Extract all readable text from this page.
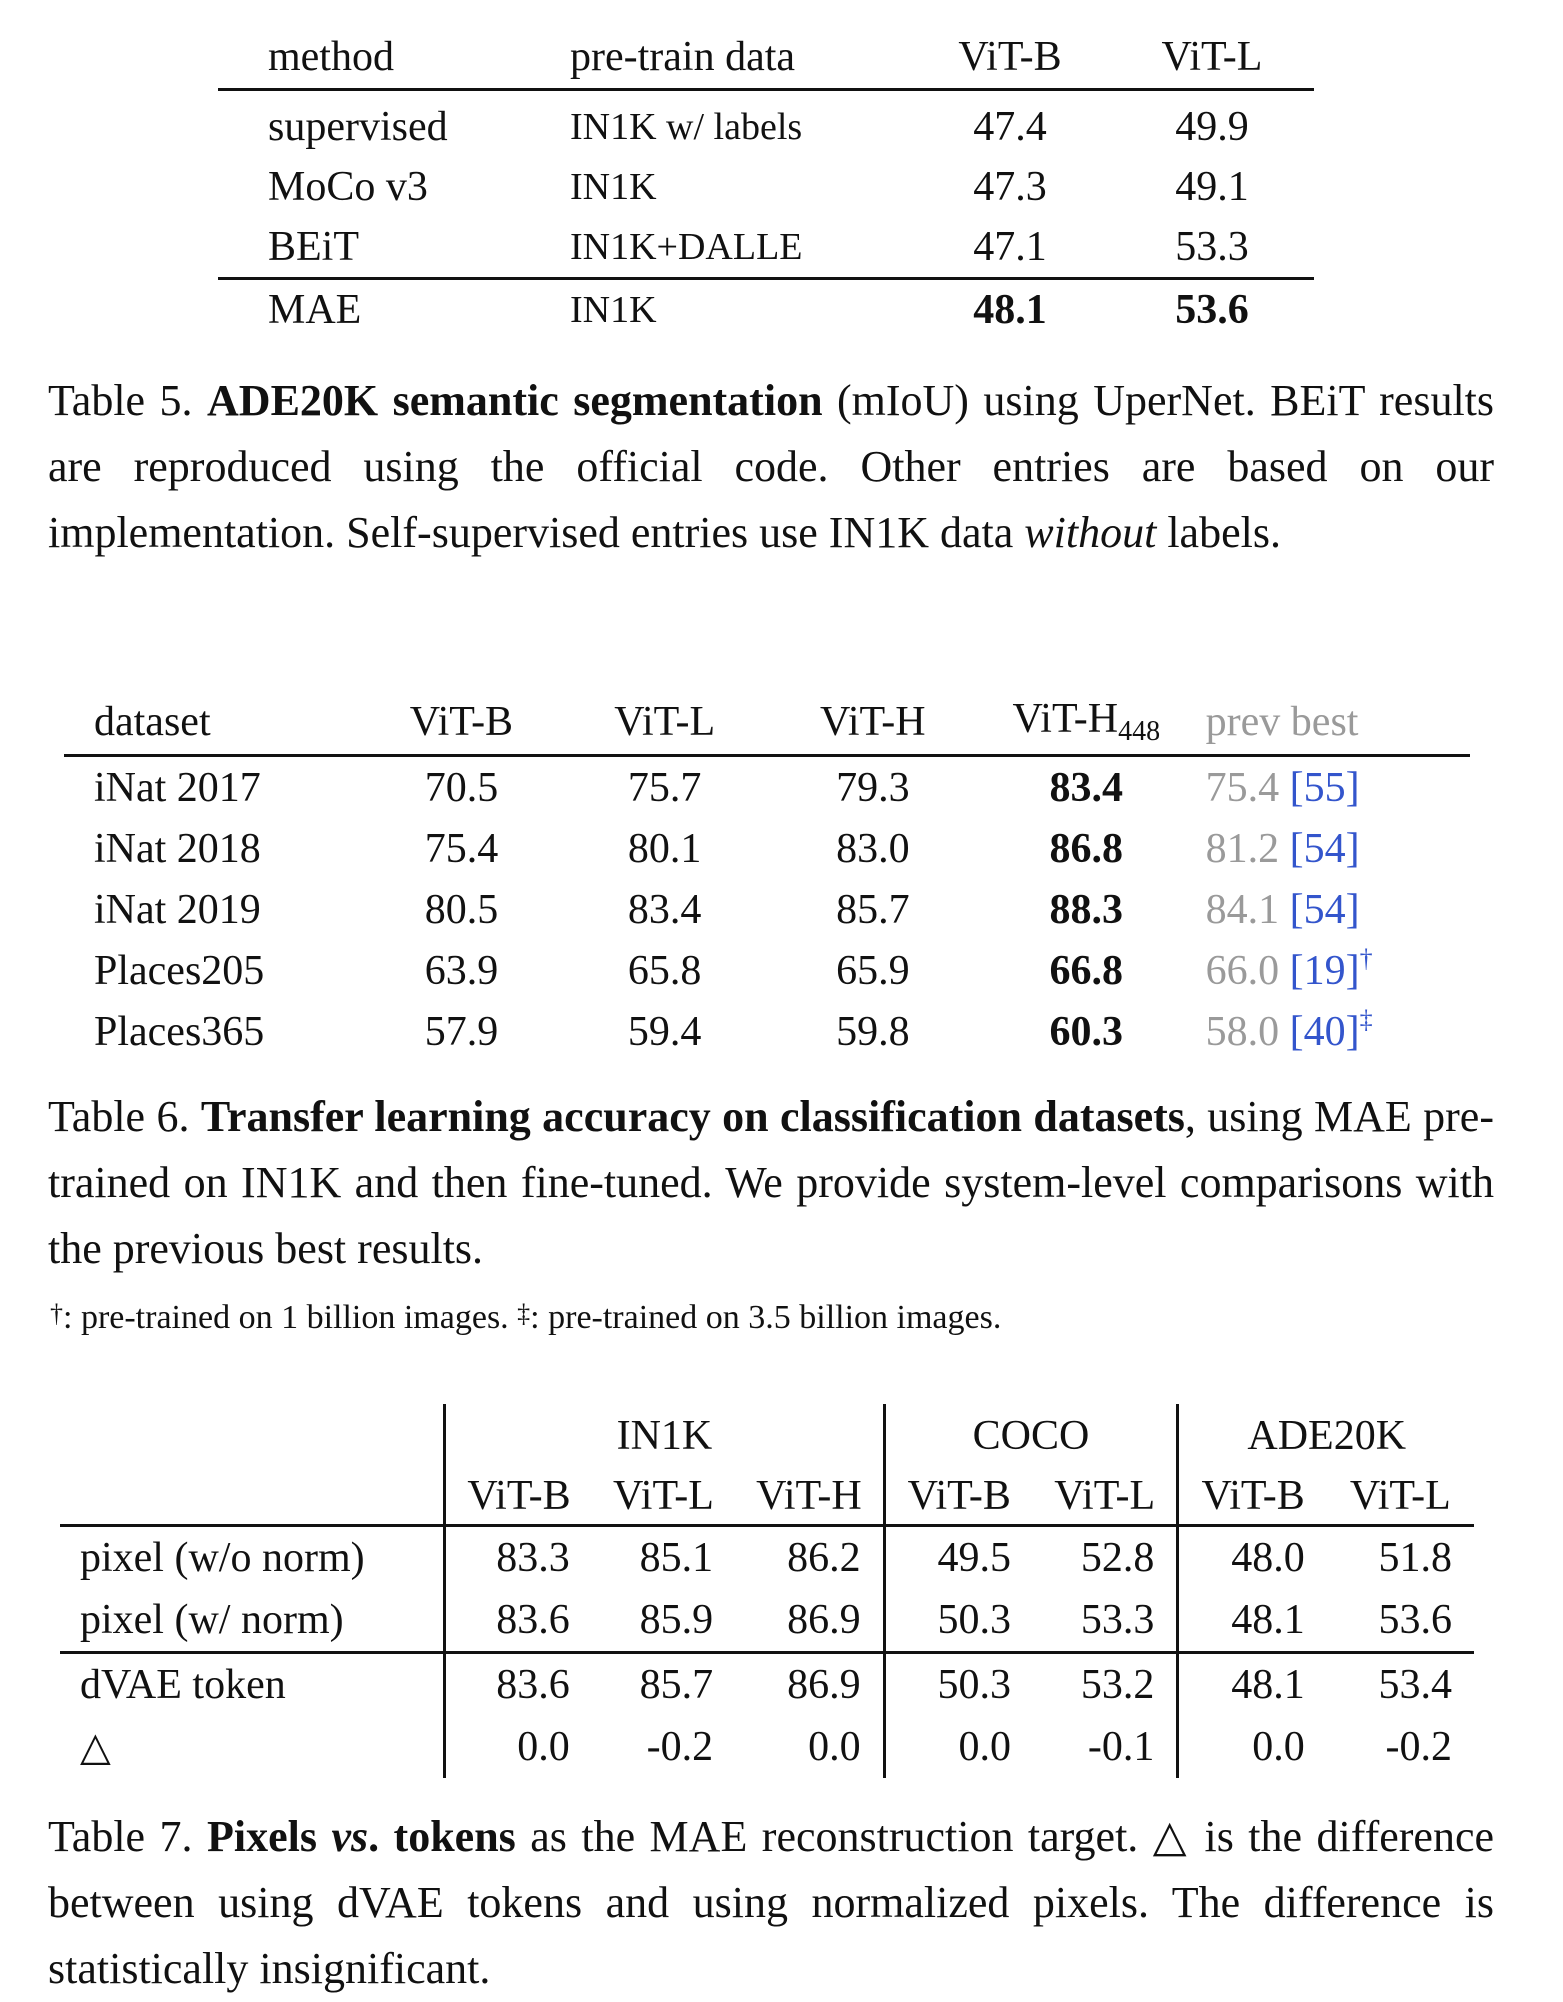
method	pre-train data	ViT-B	ViT-L
supervised	IN1K w/ labels	47.4	49.9
MoCo v3	IN1K	47.3	49.1
BEiT	IN1K+DALLE	47.1	53.3
MAE	IN1K	48.1	53.6
Table 5. ADE20K semantic segmentation (mIoU) using UperNet. BEiT results are reproduced using the official code. Other entries are based on our implementation. Self-supervised entries use IN1K data without labels.
dataset	ViT-B	ViT-L	ViT-H	ViT-H448	prev best
iNat 2017	70.5	75.7	79.3	83.4	75.4 [55]
iNat 2018	75.4	80.1	83.0	86.8	81.2 [54]
iNat 2019	80.5	83.4	85.7	88.3	84.1 [54]
Places205	63.9	65.8	65.9	66.8	66.0 [19]†
Places365	57.9	59.4	59.8	60.3	58.0 [40]‡
Table 6. Transfer learning accuracy on classification datasets, using MAE pre-trained on IN1K and then fine-tuned. We provide system-level comparisons with the previous best results.
†: pre-trained on 1 billion images. ‡: pre-trained on 3.5 billion images.
	IN1K			COCO		ADE20K	
	ViT-B	ViT-L	ViT-H	ViT-B	ViT-L	ViT-B	ViT-L
pixel (w/o norm)	83.3	85.1	86.2	49.5	52.8	48.0	51.8
pixel (w/ norm)	83.6	85.9	86.9	50.3	53.3	48.1	53.6
dVAE token	83.6	85.7	86.9	50.3	53.2	48.1	53.4
△	0.0	-0.2	0.0	0.0	-0.1	0.0	-0.2
Table 7. Pixels vs. tokens as the MAE reconstruction target. △ is the difference between using dVAE tokens and using normalized pixels. The difference is statistically insignificant.
